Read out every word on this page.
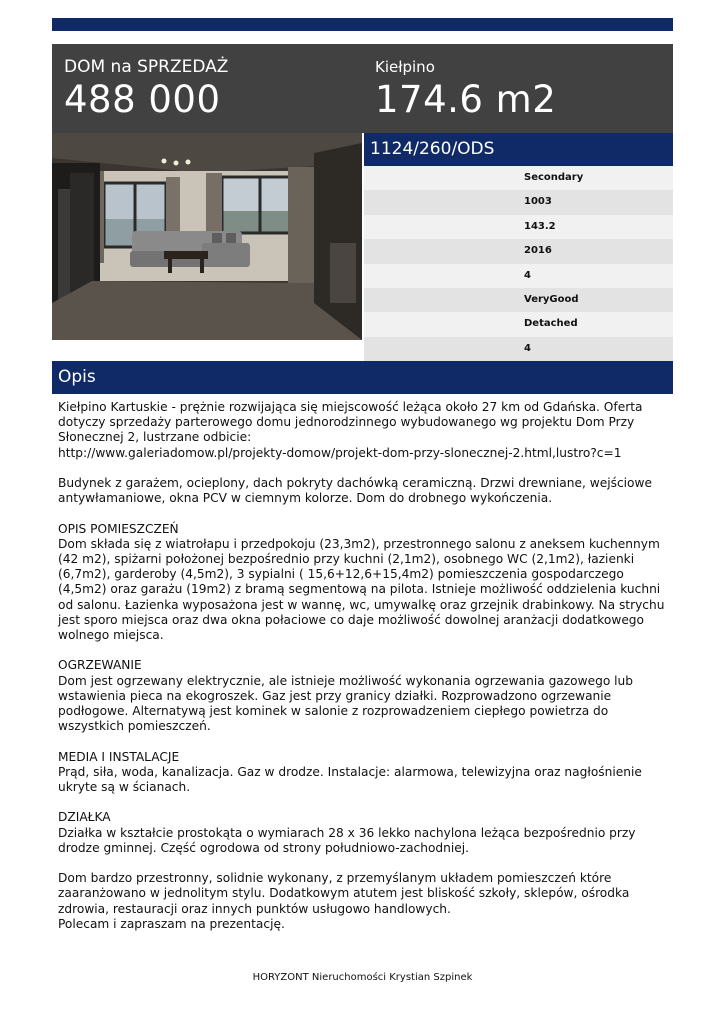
DOM na SPRZEDAŻ
488 000
Kiełpino
174.6 m2
1124/260/ODS
Secondary
1003
143.2
2016
4
VeryGood
Detached
4
Opis

Kiełpino Kartuskie - prężnie rozwijająca się miejscowość leżąca około 27 km od Gdańska. Oferta dotyczy sprzedaży parterowego domu jednorodzinnego wybudowanego wg projektu Dom Przy Słonecznej 2, lustrzane odbicie:
http://www.galeriadomow.pl/projekty-domow/projekt-dom-przy-slonecznej-2.html,lustro?c=1

Budynek z garażem, ocieplony, dach pokryty dachówką ceramiczną. Drzwi drewniane, wejściowe antywłamaniowe, okna PCV w ciemnym kolorze. Dom do drobnego wykończenia.

OPIS POMIESZCZEŃ
Dom składa się z wiatrołapu i przedpokoju (23,3m2), przestronnego salonu z aneksem kuchennym (42 m2), spiżarni położonej bezpośrednio przy kuchni (2,1m2), osobnego WC (2,1m2), łazienki (6,7m2), garderoby (4,5m2), 3 sypialni ( 15,6+12,6+15,4m2) pomieszczenia gospodarczego (4,5m2) oraz garażu (19m2) z bramą segmentową na pilota. Istnieje możliwość oddzielenia kuchni od salonu. Łazienka wyposażona jest w wannę, wc, umywalkę oraz grzejnik drabinkowy. Na strychu jest sporo miejsca oraz dwa okna połaciowe co daje możliwość dowolnej aranżacji dodatkowego wolnego miejsca.

OGRZEWANIE
Dom jest ogrzewany elektrycznie, ale istnieje możliwość wykonania ogrzewania gazowego lub wstawienia pieca na ekogroszek. Gaz jest przy granicy działki. Rozprowadzono ogrzewanie podłogowe. Alternatywą jest kominek w salonie z rozprowadzeniem ciepłego powietrza do wszystkich pomieszczeń.

MEDIA I INSTALACJE
Prąd, siła, woda, kanalizacja. Gaz w drodze. Instalacje: alarmowa, telewizyjna oraz nagłośnienie ukryte są w ścianach.

DZIAŁKA
Działka w kształcie prostokąta o wymiarach 28 x 36 lekko nachylona leżąca bezpośrednio przy drodze gminnej. Część ogrodowa od strony południowo-zachodniej.

Dom bardzo przestronny, solidnie wykonany, z przemyślanym układem pomieszczeń które zaaranżowano w jednolitym stylu. Dodatkowym atutem jest bliskość szkoły, sklepów, ośrodka zdrowia, restauracji oraz innych punktów usługowo handlowych.
Polecam i zapraszam na prezentację.

HORYZONT Nieruchomości Krystian Szpinek
